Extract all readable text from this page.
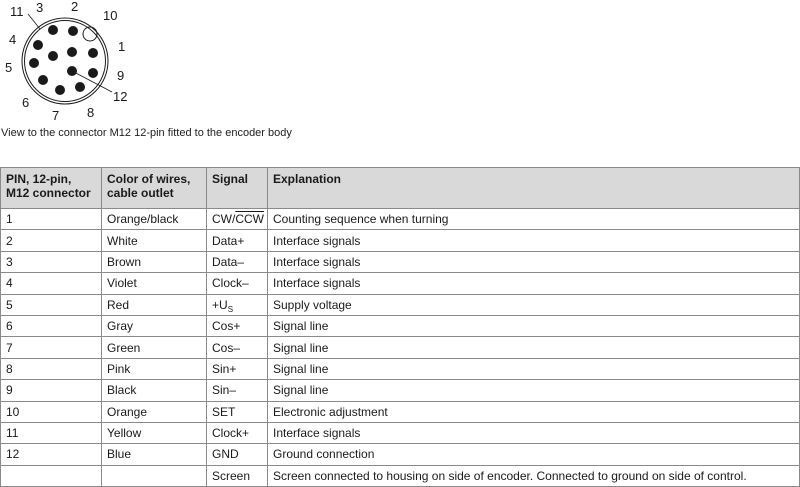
1
2
3
4
5
6
7 8
9
10
11
12
View to the connector M12 12-pin fitted to the encoder body
PIN, 12-pin, M12 connector	Color of wires, cable outlet	Signal	Explanation
1	Orange/black	$CW/\overline{CCW}$	Counting sequence when turning
2	White	Data+	Interface signals
3	Brown	Data–	Interface signals
4	Violet	Clock–	Interface signals
5	Red	$+U_S$	Supply voltage
6	Gray	Cos+	Signal line
7	Green	Cos–	Signal line
8	Pink	Sin+	Signal line
9	Black	Sin–	Signal line
10	Orange	SET	Electronic adjustment
11	Yellow	Clock+	Interface signals
12	Blue	GND	Ground connection
		Screen	Screen connected to housing on side of encoder. Connected to ground on side of control.
